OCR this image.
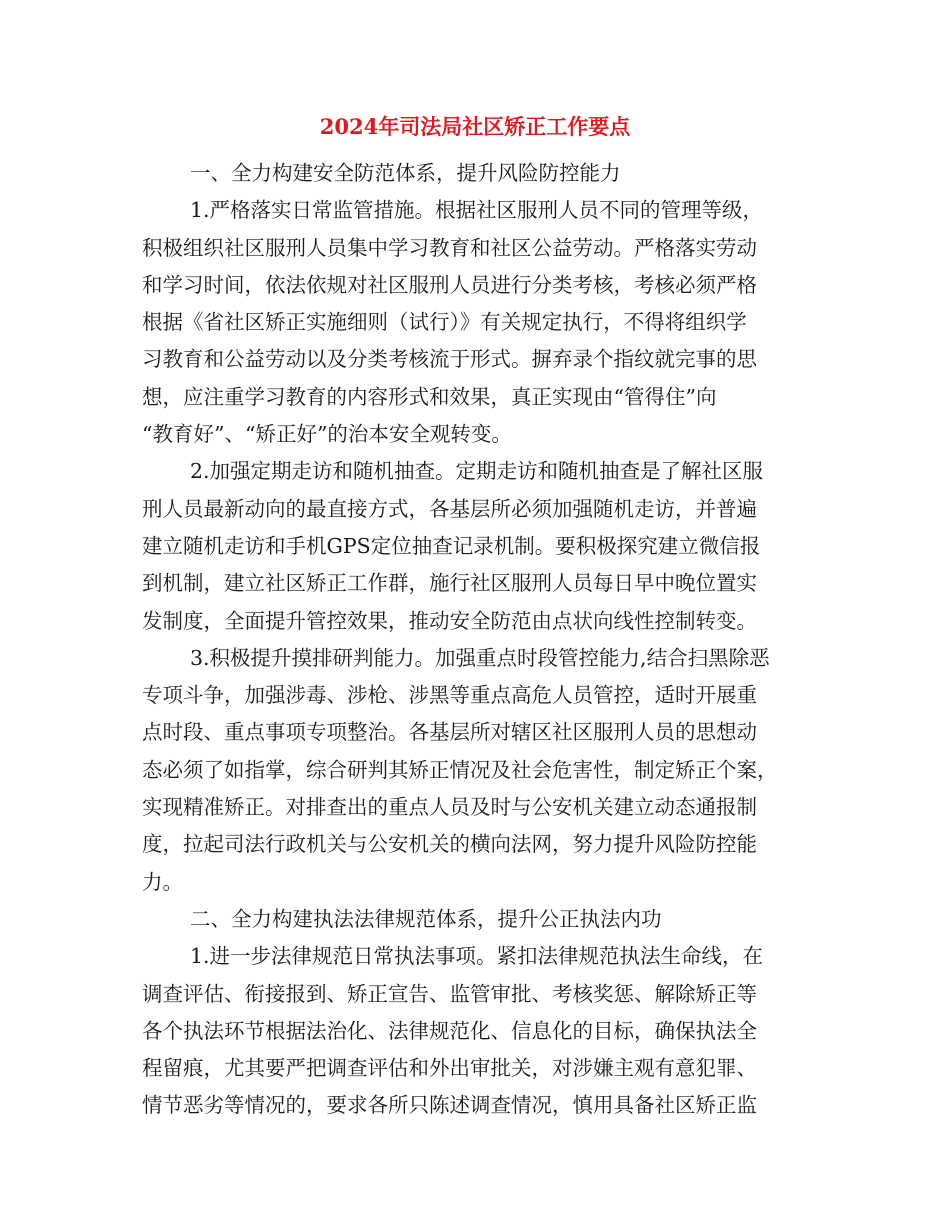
2024年司法局社区矫正工作要点
一、全力构建安全防范体系，提升风险防控能力
1.严格落实日常监管措施。根据社区服刑人员不同的管理等级，
积极组织社区服刑人员集中学习教育和社区公益劳动。严格落实劳动
和学习时间，依法依规对社区服刑人员进行分类考核，考核必须严格
根据《省社区矫正实施细则（试行）》有关规定执行，不得将组织学
习教育和公益劳动以及分类考核流于形式。摒弃录个指纹就完事的思
想，应注重学习教育的内容形式和效果，真正实现由“管得住”向
“教育好”、“矫正好”的治本安全观转变。
2.加强定期走访和随机抽查。定期走访和随机抽查是了解社区服
刑人员最新动向的最直接方式，各基层所必须加强随机走访，并普遍
建立随机走访和手机GPS定位抽查记录机制。要积极探究建立微信报
到机制，建立社区矫正工作群，施行社区服刑人员每日早中晚位置实
发制度，全面提升管控效果，推动安全防范由点状向线性控制转变。
3.积极提升摸排研判能力。加强重点时段管控能力,结合扫黑除恶
专项斗争，加强涉毒、涉枪、涉黑等重点高危人员管控，适时开展重
点时段、重点事项专项整治。各基层所对辖区社区服刑人员的思想动
态必须了如指掌，综合研判其矫正情况及社会危害性，制定矫正个案，
实现精准矫正。对排查出的重点人员及时与公安机关建立动态通报制
度，拉起司法行政机关与公安机关的横向法网，努力提升风险防控能
力。
二、全力构建执法法律规范体系，提升公正执法内功
1.进一步法律规范日常执法事项。紧扣法律规范执法生命线，在
调查评估、衔接报到、矫正宣告、监管审批、考核奖惩、解除矫正等
各个执法环节根据法治化、法律规范化、信息化的目标，确保执法全
程留痕，尤其要严把调查评估和外出审批关，对涉嫌主观有意犯罪、
情节恶劣等情况的，要求各所只陈述调查情况，慎用具备社区矫正监
